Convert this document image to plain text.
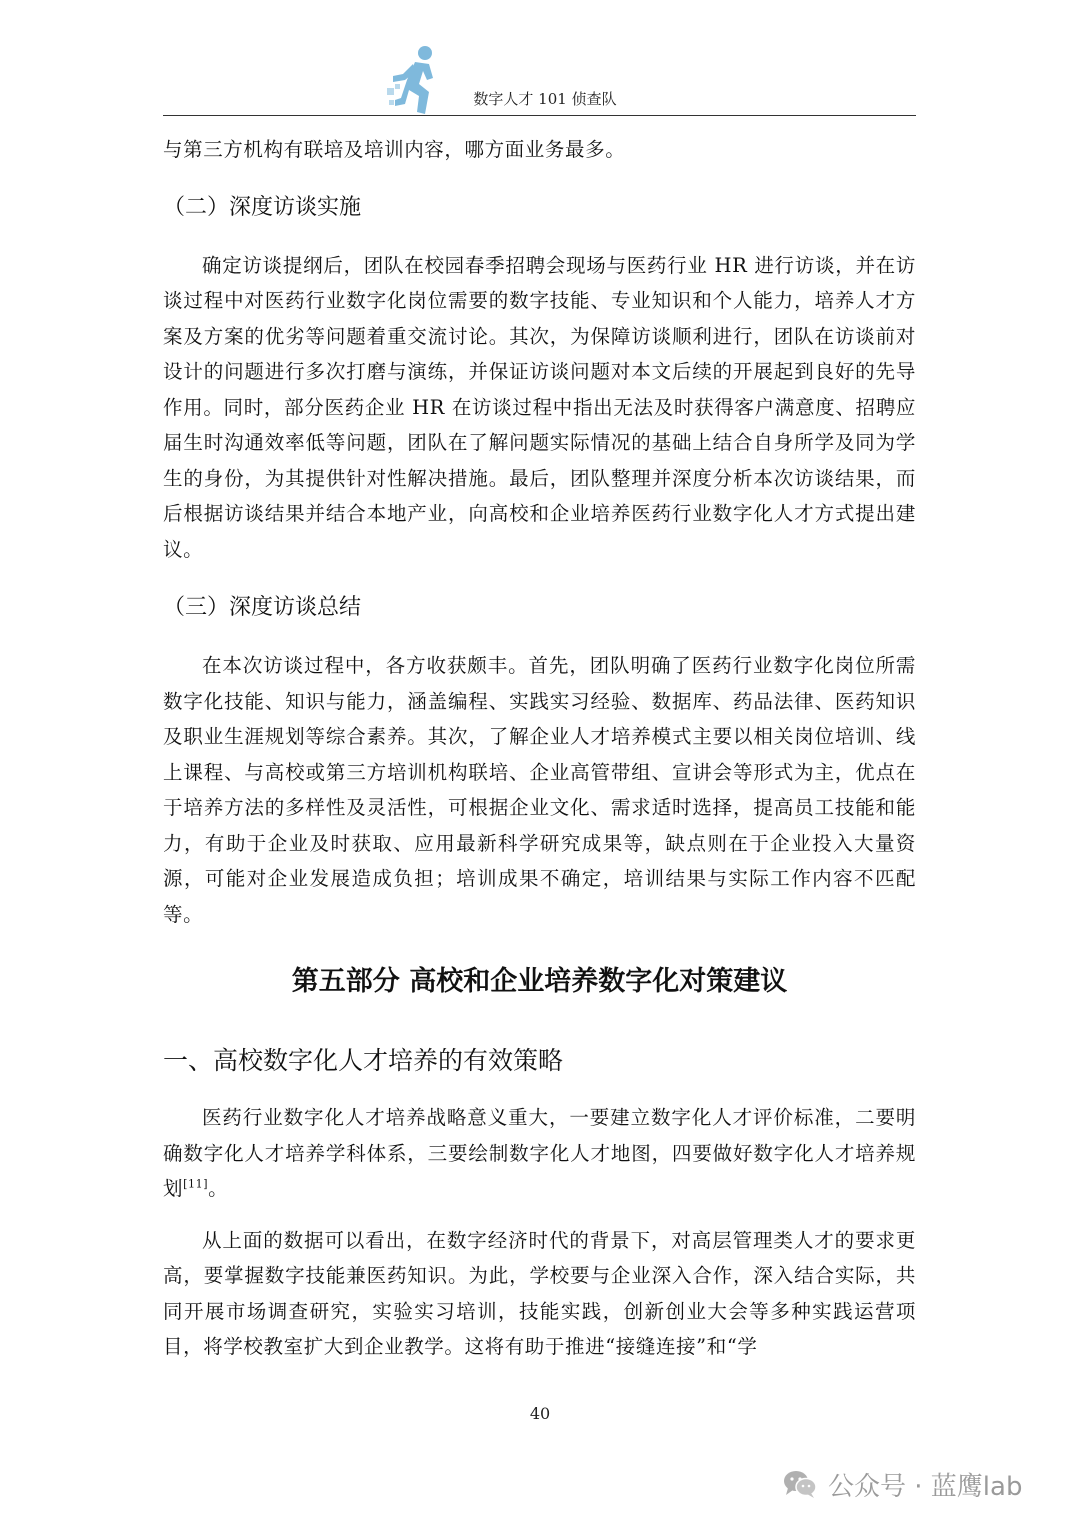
数字人才 101 侦查队

与第三方机构有联培及培训内容，哪方面业务最多。

（二）深度访谈实施

确定访谈提纲后，团队在校园春季招聘会现场与医药行业 HR 进行访谈，并在访谈过程中对医药行业数字化岗位需要的数字技能、专业知识和个人能力，培养人才方案及方案的优劣等问题着重交流讨论。其次，为保障访谈顺利进行，团队在访谈前对设计的问题进行多次打磨与演练，并保证访谈问题对本文后续的开展起到良好的先导作用。同时，部分医药企业 HR 在访谈过程中指出无法及时获得客户满意度、招聘应届生时沟通效率低等问题，团队在了解问题实际情况的基础上结合自身所学及同为学生的身份，为其提供针对性解决措施。最后，团队整理并深度分析本次访谈结果，而后根据访谈结果并结合本地产业，向高校和企业培养医药行业数字化人才方式提出建议。

（三）深度访谈总结

在本次访谈过程中，各方收获颇丰。首先，团队明确了医药行业数字化岗位所需数字化技能、知识与能力，涵盖编程、实践实习经验、数据库、药品法律、医药知识及职业生涯规划等综合素养。其次，了解企业人才培养模式主要以相关岗位培训、线上课程、与高校或第三方培训机构联培、企业高管带组、宣讲会等形式为主，优点在于培养方法的多样性及灵活性，可根据企业文化、需求适时选择，提高员工技能和能力，有助于企业及时获取、应用最新科学研究成果等，缺点则在于企业投入大量资源，可能对企业发展造成负担；培训成果不确定，培训结果与实际工作内容不匹配等。

第五部分 高校和企业培养数字化对策建议
一、高校数字化人才培养的有效策略

医药行业数字化人才培养战略意义重大，一要建立数字化人才评价标准，二要明确数字化人才培养学科体系，三要绘制数字化人才地图，四要做好数字化人才培养规划[11]。

从上面的数据可以看出，在数字经济时代的背景下，对高层管理类人才的要求更高，要掌握数字技能兼医药知识。为此，学校要与企业深入合作，深入结合实际，共同开展市场调查研究，实验实习培训，技能实践，创新创业大会等多种实践运营项目，将学校教室扩大到企业教学。这将有助于推进“接缝连接”和“学

40
公众号 · 蓝鹰lab
